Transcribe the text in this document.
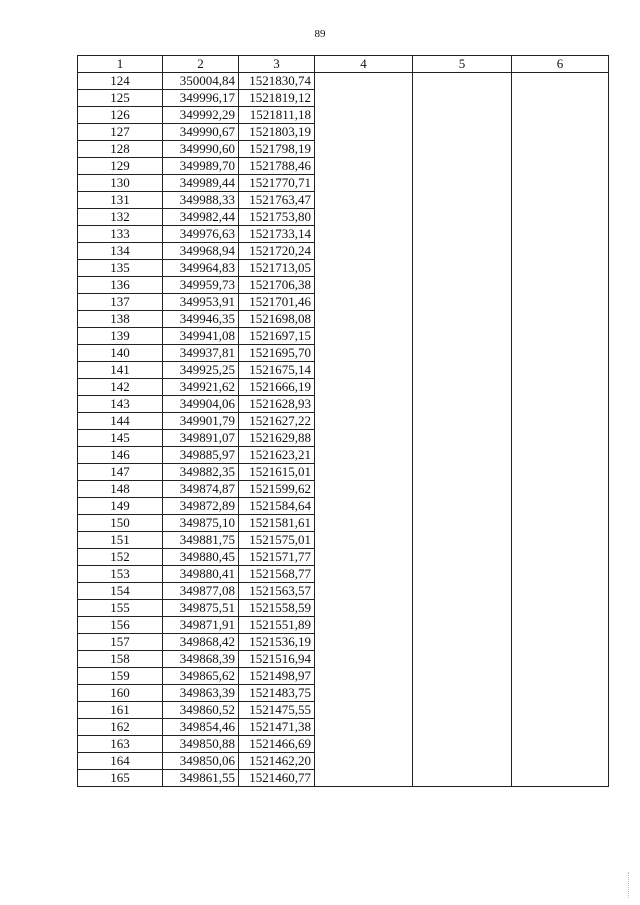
89
1	2	3	4	5	6
124	350004,84	1521830,74			
125	349996,17	1521819,12			
126	349992,29	1521811,18			
127	349990,67	1521803,19			
128	349990,60	1521798,19			
129	349989,70	1521788,46			
130	349989,44	1521770,71			
131	349988,33	1521763,47			
132	349982,44	1521753,80			
133	349976,63	1521733,14			
134	349968,94	1521720,24			
135	349964,83	1521713,05			
136	349959,73	1521706,38			
137	349953,91	1521701,46			
138	349946,35	1521698,08			
139	349941,08	1521697,15			
140	349937,81	1521695,70			
141	349925,25	1521675,14			
142	349921,62	1521666,19			
143	349904,06	1521628,93			
144	349901,79	1521627,22			
145	349891,07	1521629,88			
146	349885,97	1521623,21			
147	349882,35	1521615,01			
148	349874,87	1521599,62			
149	349872,89	1521584,64			
150	349875,10	1521581,61			
151	349881,75	1521575,01			
152	349880,45	1521571,77			
153	349880,41	1521568,77			
154	349877,08	1521563,57			
155	349875,51	1521558,59			
156	349871,91	1521551,89			
157	349868,42	1521536,19			
158	349868,39	1521516,94			
159	349865,62	1521498,97			
160	349863,39	1521483,75			
161	349860,52	1521475,55			
162	349854,46	1521471,38			
163	349850,88	1521466,69			
164	349850,06	1521462,20			
165	349861,55	1521460,77			
